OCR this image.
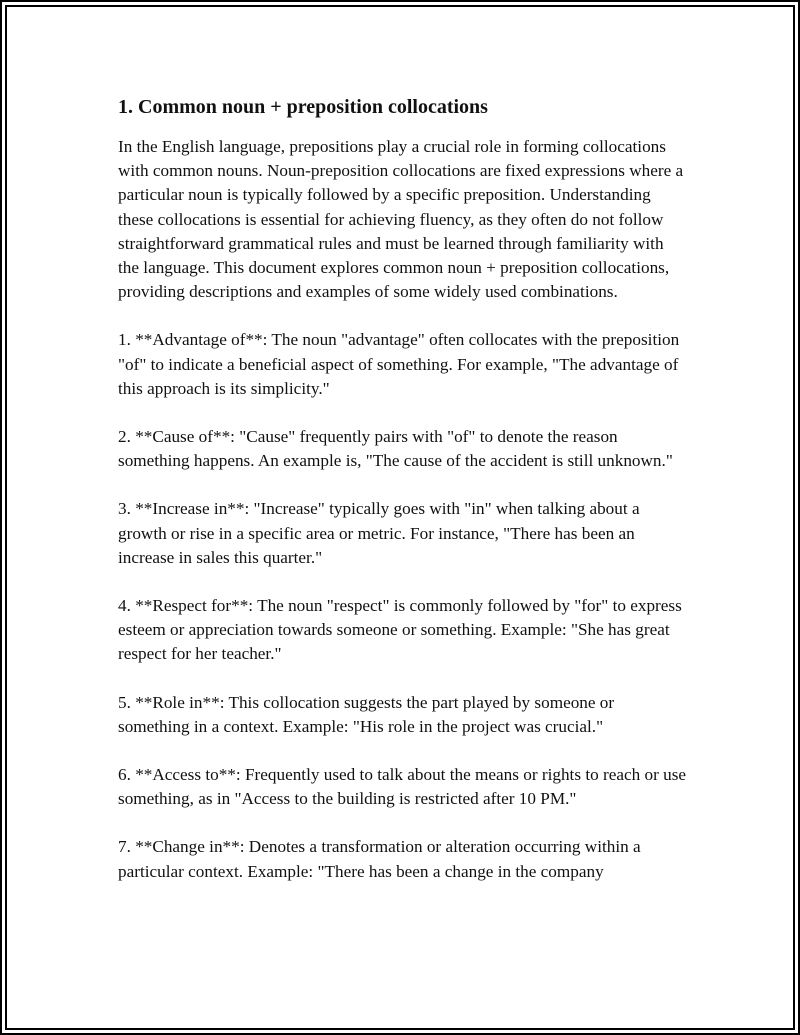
1. Common noun + preposition collocations

In the English language, prepositions play a crucial role in forming collocations with common nouns. Noun-preposition collocations are fixed expressions where a particular noun is typically followed by a specific preposition. Understanding these collocations is essential for achieving fluency, as they often do not follow straightforward grammatical rules and must be learned through familiarity with the language. This document explores common noun + preposition collocations, providing descriptions and examples of some widely used combinations.

1. **Advantage of**: The noun "advantage" often collocates with the preposition "of" to indicate a beneficial aspect of something. For example, "The advantage of this approach is its simplicity."

2. **Cause of**: "Cause" frequently pairs with "of" to denote the reason something happens. An example is, "The cause of the accident is still unknown."

3. **Increase in**: "Increase" typically goes with "in" when talking about a growth or rise in a specific area or metric. For instance, "There has been an increase in sales this quarter."

4. **Respect for**: The noun "respect" is commonly followed by "for" to express esteem or appreciation towards someone or something. Example: "She has great respect for her teacher."

5. **Role in**: This collocation suggests the part played by someone or something in a context. Example: "His role in the project was crucial."

6. **Access to**: Frequently used to talk about the means or rights to reach or use something, as in "Access to the building is restricted after 10 PM."

7. **Change in**: Denotes a transformation or alteration occurring within a particular context. Example: "There has been a change in the company
